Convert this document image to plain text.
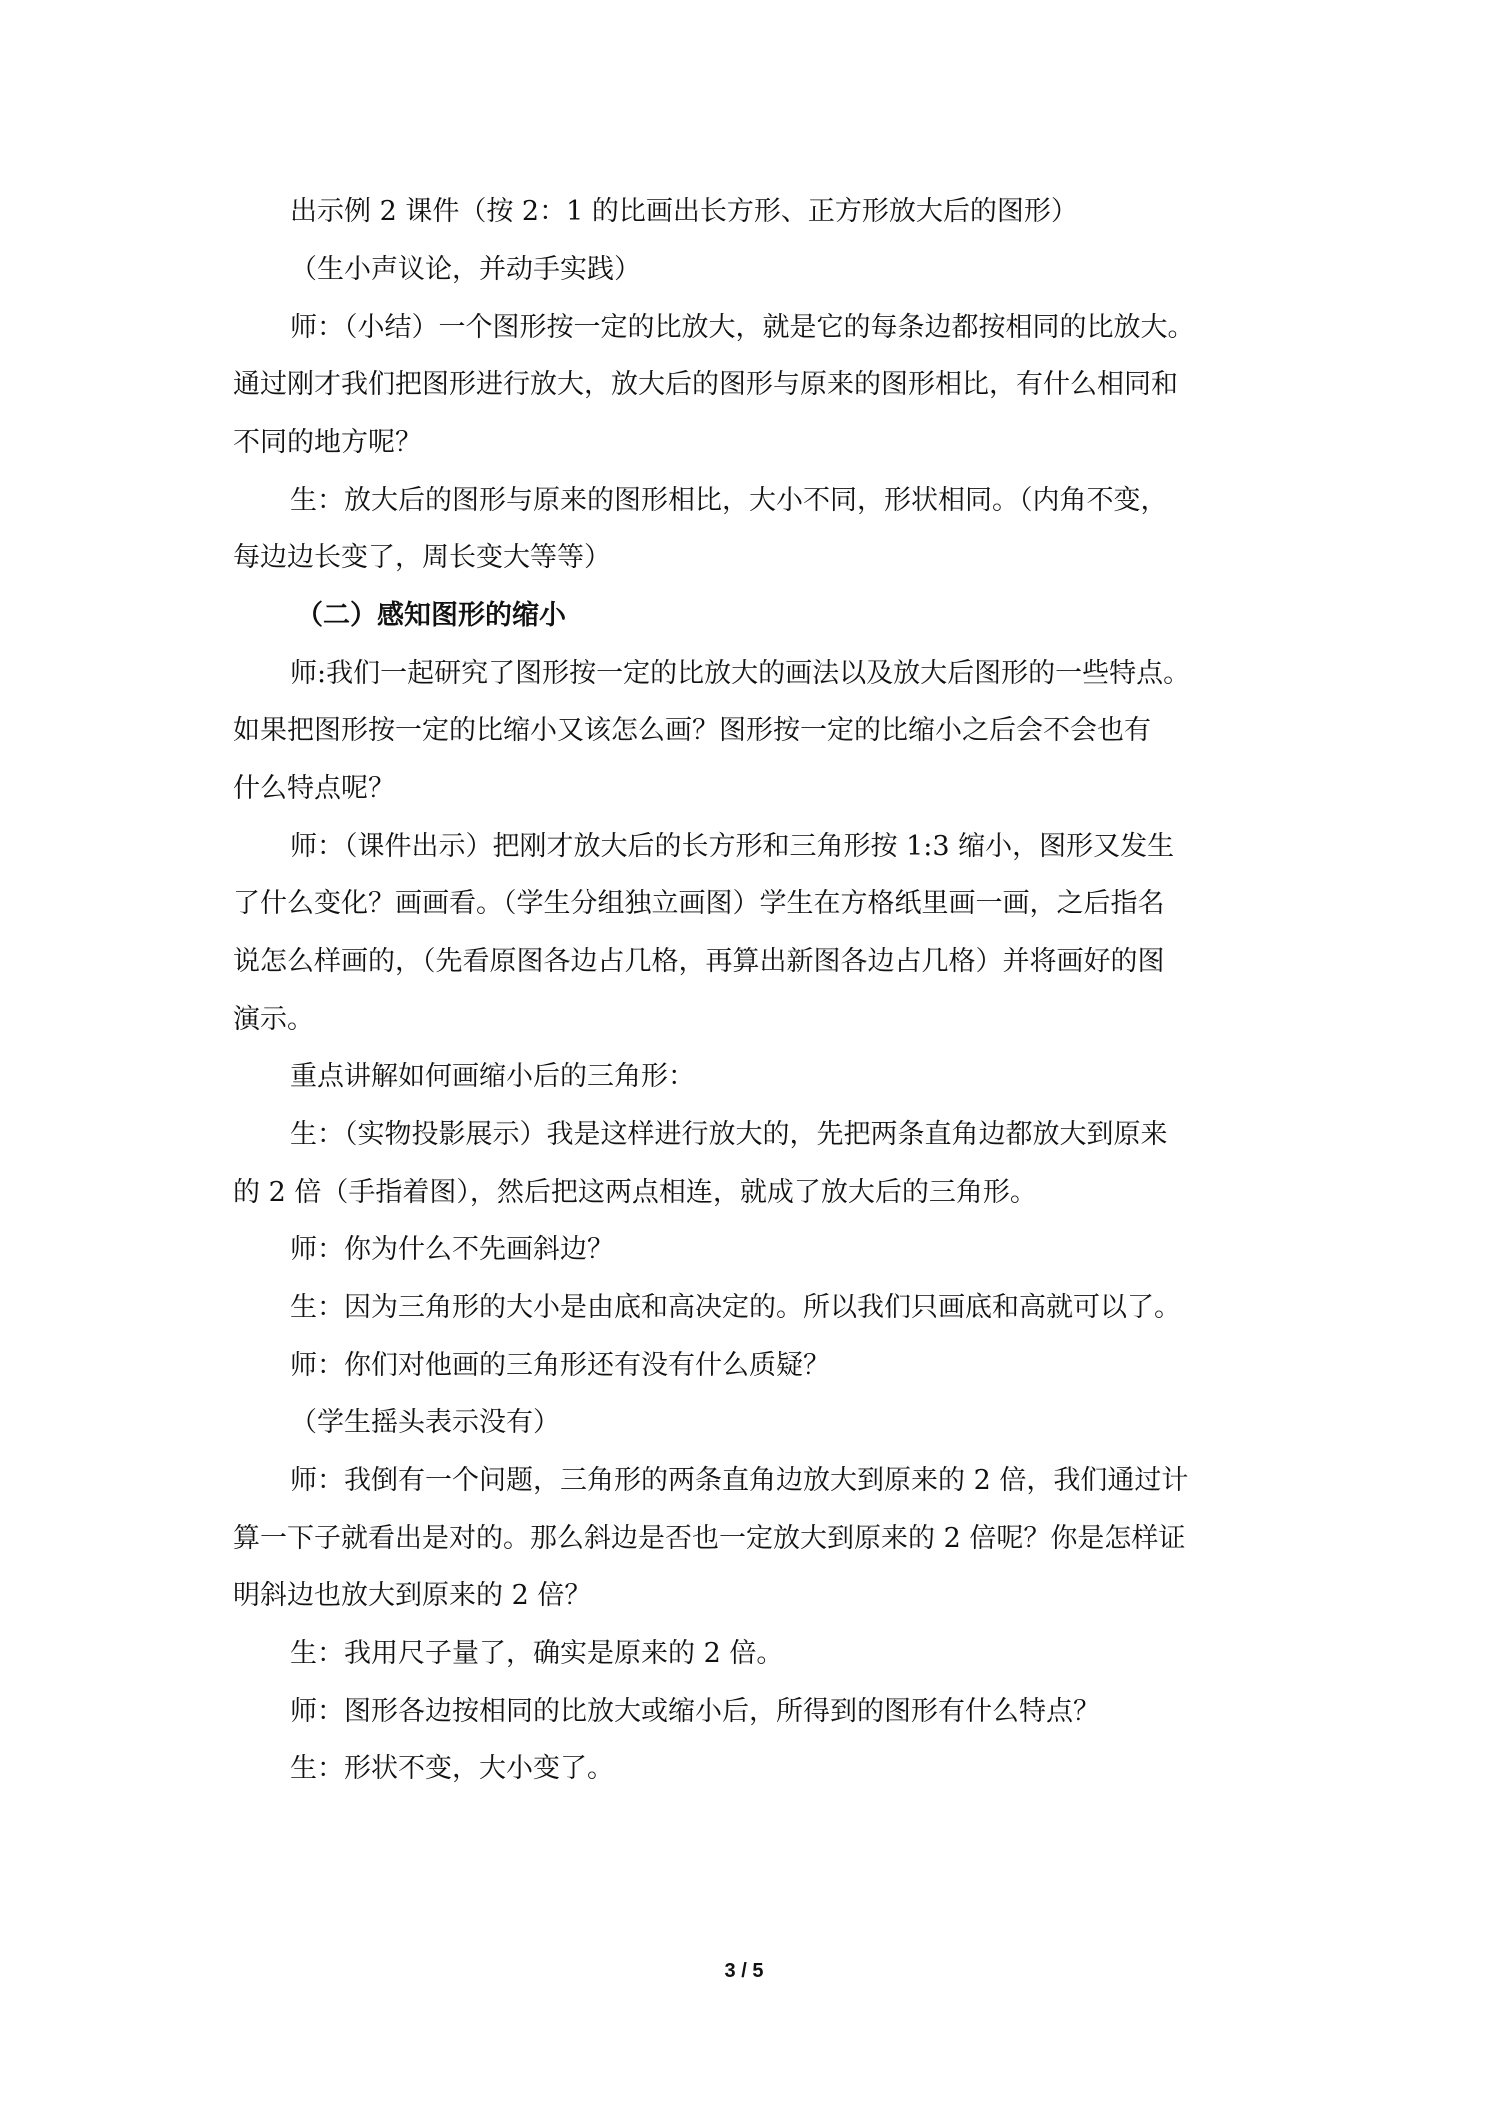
出示例 2 课件（按 2：1 的比画出长方形、正方形放大后的图形）
（生小声议论，并动手实践）
师：（小结）一个图形按一定的比放大，就是它的每条边都按相同的比放大。
通过刚才我们把图形进行放大，放大后的图形与原来的图形相比，有什么相同和
不同的地方呢？
生：放大后的图形与原来的图形相比，大小不同，形状相同。（内角不变，
每边边长变了，周长变大等等）
（二）感知图形的缩小
师:我们一起研究了图形按一定的比放大的画法以及放大后图形的一些特点。
如果把图形按一定的比缩小又该怎么画？图形按一定的比缩小之后会不会也有
什么特点呢？
师：（课件出示）把刚才放大后的长方形和三角形按 1:3 缩小，图形又发生
了什么变化？画画看。（学生分组独立画图）学生在方格纸里画一画，之后指名
说怎么样画的，（先看原图各边占几格，再算出新图各边占几格）并将画好的图
演示。
重点讲解如何画缩小后的三角形：
生：（实物投影展示）我是这样进行放大的，先把两条直角边都放大到原来
的 2 倍（手指着图），然后把这两点相连，就成了放大后的三角形。
师：你为什么不先画斜边？
生：因为三角形的大小是由底和高决定的。所以我们只画底和高就可以了。
师：你们对他画的三角形还有没有什么质疑？
（学生摇头表示没有）
师：我倒有一个问题，三角形的两条直角边放大到原来的 2 倍，我们通过计
算一下子就看出是对的。那么斜边是否也一定放大到原来的 2 倍呢？你是怎样证
明斜边也放大到原来的 2 倍？
生：我用尺子量了，确实是原来的 2 倍。
师：图形各边按相同的比放大或缩小后，所得到的图形有什么特点？
生：形状不变，大小变了。
3 / 5
